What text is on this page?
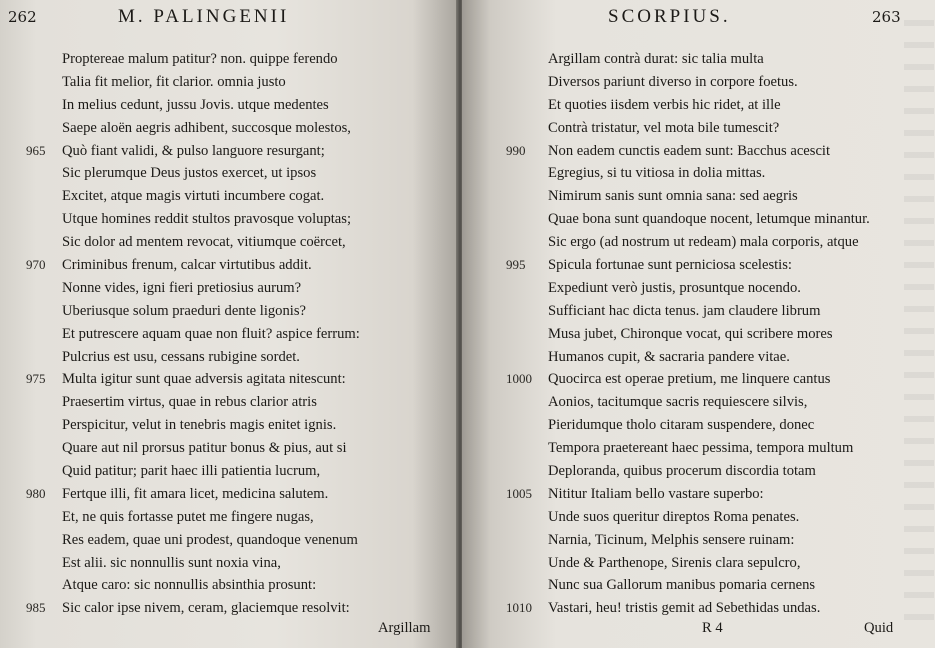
262	M. PALINGENII
Propterea​e malum patitur? non. quippe ferendo
Talia fit melior, fit clarior. omnia justo
In melius cedunt, jussu Jovis. utque medentes
Saepe aloën aegris adhibent, succosque molestos,
965 Quò fiant validi, & pulso languore resurgant;
Sic plerumque Deus justos exercet, ut ipsos
Excitet, atque magis virtuti incumbere cogat.
Utque homines reddit stultos pravosque voluptas;
Sic dolor ad mentem revocat, vitiumque coërcet,
970 Criminibus frenum, calcar virtutibus addit.
Nonne vides, igni fieri pretiosius aurum?
Uberiusque solum praeduri dente ligonis?
Et putrescere aquam quae non fluit? aspice ferrum:
Pulcrius est usu, cessans rubigine sordet.
975 Multa igitur sunt quae adversis agitata nitescunt:
Praesertim virtus, quae in rebus clarior atris
Perspicitur, velut in tenebris magis enitet ignis.
Quare aut nil prorsus patitur bonus & pius, aut si
Quid patitur; parit haec illi patientia lucrum,
980 Fertque illi, fit amara licet, medicina salutem.
Et, ne quis fortasse putet me fingere nugas,
Res eadem, quae uni prodest, quandoque venenum
Est alii. sic nonnullis sunt noxia vina,
Atque caro: sic nonnullis absinthia prosunt:
985 Sic calor ipse nivem, ceram, glaciemque resolvit:
Argillam
SCORPIUS.	263
Argillam contrà durat: sic talia multa
Diversos pariunt diverso in corpore foetus.
Et quoties iisdem verbis hic ridet, at ille
Contrà tristatur, vel mota bile tumescit?
990 Non eadem cunctis eadem sunt: Bacchus acescit
Egregius, si tu vitiosa in dolia mittas.
Nimirum sanis sunt omnia sana: sed aegris
Quae bona sunt quandoque nocent, letumque minantur.
Sic ergo (ad nostrum ut redeam) mala corporis, atque
995 Spicula fortunae sunt perniciosa scelestis:
Expediunt verò justis, prosuntque nocendo.
Sufficiant hac dicta tenus. jam claudere librum
Musa jubet, Chironque vocat, qui scribere mores
Humanos cupit, & sacraria pandere vitae.
1000 Quocirca est operae pretium, me linquere cantus
Aonios, tacitumque sacris requiescere silvis,
Pieridumque tholo citaram suspendere, donec
Tempora praetereant haec pessima, tempora multum
Deploranda, quibus procerum discordia totam
1005 Nititur Italiam bello vastare superbo:
Unde suos queritur direptos Roma penates.
Narnia, Ticinum, Melphis sensere ruinam:
Unde & Parthenope, Sirenis clara sepulcro,
Nunc sua Gallorum manibus pomaria cernens
1010 Vastari, heu! tristis gemit ad Sebethidas undas.
R 4	Quid
